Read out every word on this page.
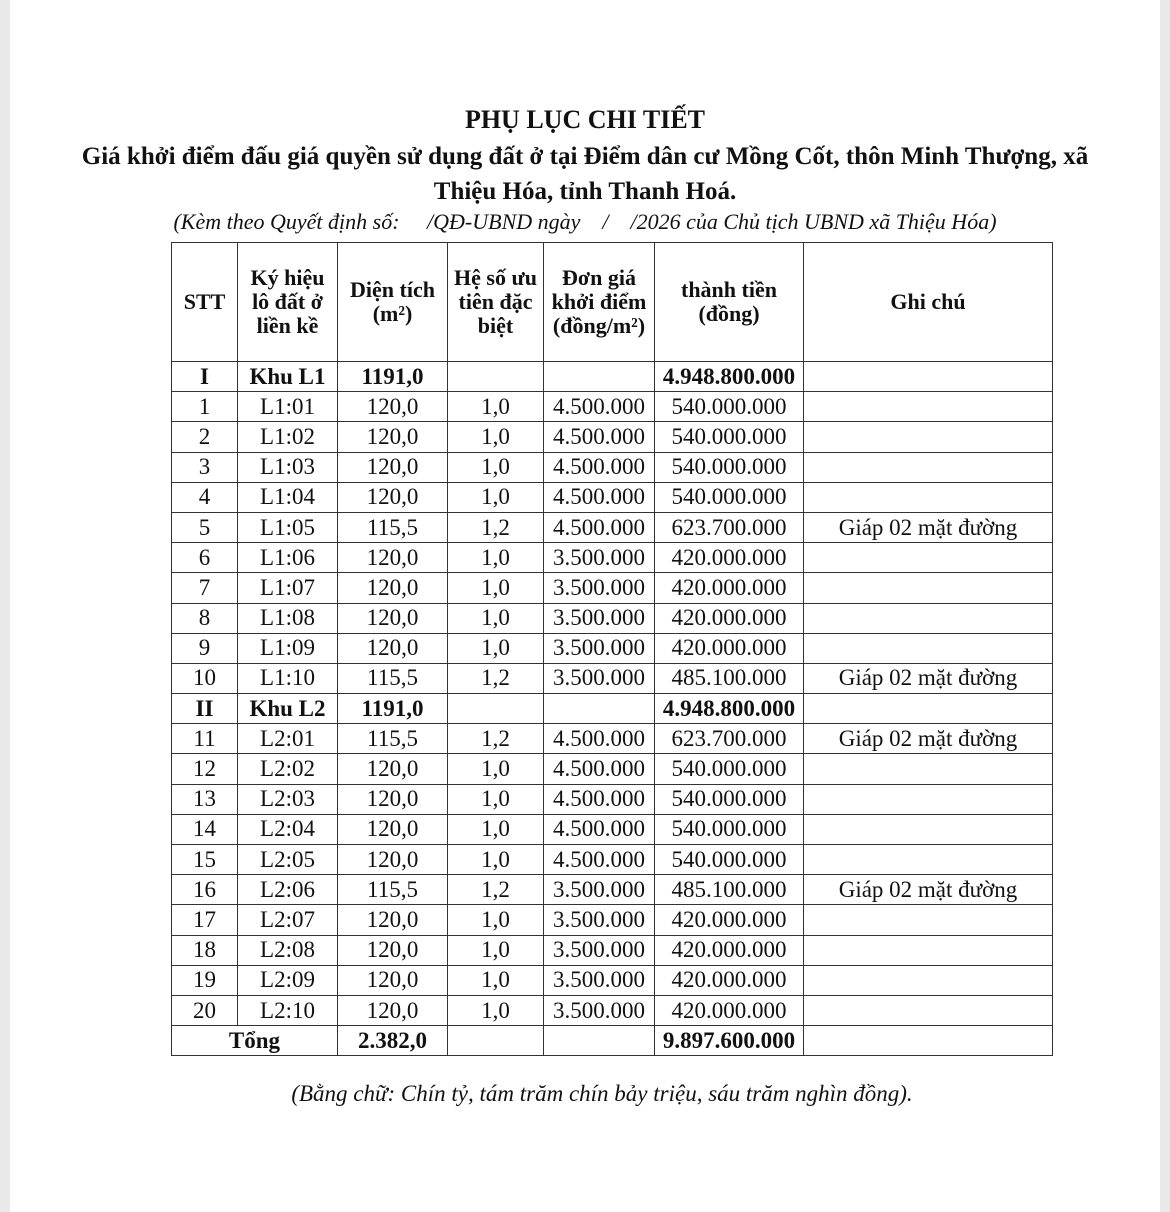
PHỤ LỤC CHI TIẾT
Giá khởi điểm đấu giá quyền sử dụng đất ở tại Điểm dân cư Mồng Cốt, thôn Minh Thượng, xã Thiệu Hóa, tỉnh Thanh Hoá.
(Kèm theo Quyết định số:     /QĐ-UBND ngày    /    /2026 của Chủ tịch UBND xã Thiệu Hóa)
STT	Ký hiệu lô đất ở liền kề	Diện tích (m²)	Hệ số ưu tiên đặc biệt	Đơn giá khởi điểm (đồng/m²)	thành tiền (đồng)	Ghi chú
I	Khu L1	1191,0			4.948.800.000	
1	L1:01	120,0	1,0	4.500.000	540.000.000	
2	L1:02	120,0	1,0	4.500.000	540.000.000	
3	L1:03	120,0	1,0	4.500.000	540.000.000	
4	L1:04	120,0	1,0	4.500.000	540.000.000	
5	L1:05	115,5	1,2	4.500.000	623.700.000	Giáp 02 mặt đường
6	L1:06	120,0	1,0	3.500.000	420.000.000	
7	L1:07	120,0	1,0	3.500.000	420.000.000	
8	L1:08	120,0	1,0	3.500.000	420.000.000	
9	L1:09	120,0	1,0	3.500.000	420.000.000	
10	L1:10	115,5	1,2	3.500.000	485.100.000	Giáp 02 mặt đường
II	Khu L2	1191,0			4.948.800.000	
11	L2:01	115,5	1,2	4.500.000	623.700.000	Giáp 02 mặt đường
12	L2:02	120,0	1,0	4.500.000	540.000.000	
13	L2:03	120,0	1,0	4.500.000	540.000.000	
14	L2:04	120,0	1,0	4.500.000	540.000.000	
15	L2:05	120,0	1,0	4.500.000	540.000.000	
16	L2:06	115,5	1,2	3.500.000	485.100.000	Giáp 02 mặt đường
17	L2:07	120,0	1,0	3.500.000	420.000.000	
18	L2:08	120,0	1,0	3.500.000	420.000.000	
19	L2:09	120,0	1,0	3.500.000	420.000.000	
20	L2:10	120,0	1,0	3.500.000	420.000.000	
Tổng		2.382,0			9.897.600.000	
(Bằng chữ: Chín tỷ, tám trăm chín bảy triệu, sáu trăm nghìn đồng).
